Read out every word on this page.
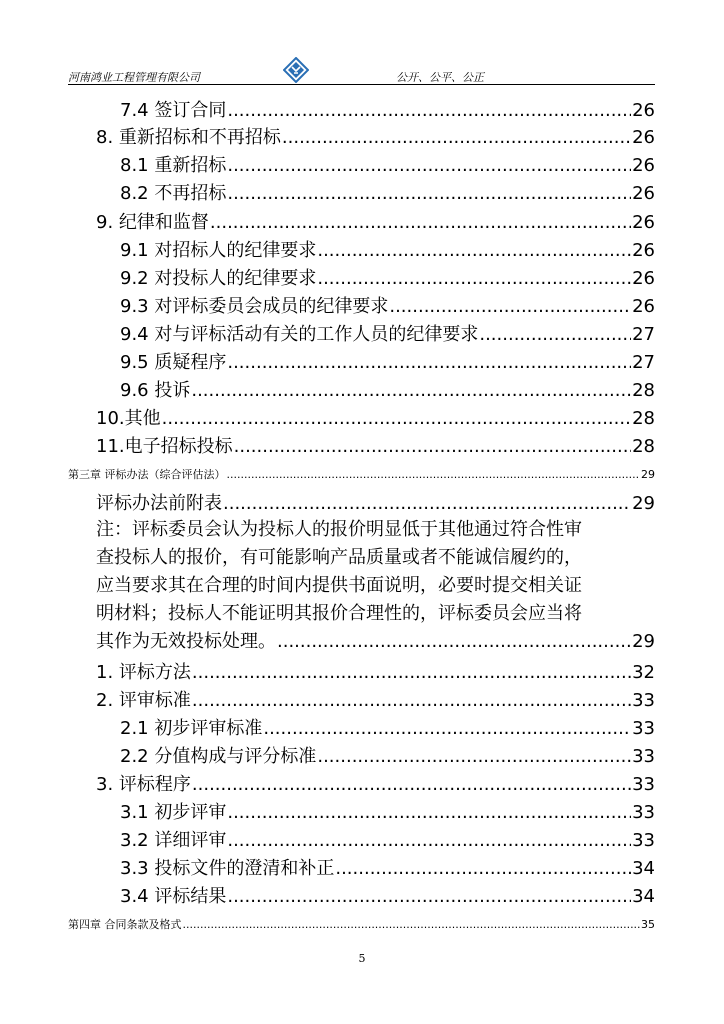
河南鸿业工程管理有限公司	公开、公平、公正
7.4 签订合同 .....	26
8. 重新招标和不再招标 .....	26
8.1 重新招标 .....	26
8.2 不再招标 .....	26
9. 纪律和监督 .....	26
9.1 对招标人的纪律要求 .....	26
9.2 对投标人的纪律要求 .....	26
9.3 对评标委员会成员的纪律要求 .....	26
9.4 对与评标活动有关的工作人员的纪律要求 .....	27
9.5 质疑程序 .....	27
9.6 投诉 .....	28
10.其他 .....	28
11.电子招标投标 .....	28
第三章 评标办法（综合评估法） .....	29
评标办法前附表 .....	29
注：评标委员会认为投标人的报价明显低于其他通过符合性审
查投标人的报价，有可能影响产品质量或者不能诚信履约的，
应当要求其在合理的时间内提供书面说明，必要时提交相关证
明材料；投标人不能证明其报价合理性的，评标委员会应当将
其作为无效投标处理。 .....	29
1. 评标方法 .....	32
2. 评审标准 .....	33
2.1 初步评审标准 .....	33
2.2 分值构成与评分标准 .....	33
3. 评标程序 .....	33
3.1 初步评审 .....	33
3.2 详细评审 .....	33
3.3 投标文件的澄清和补正 .....	34
3.4 评标结果 .....	34
第四章 合同条款及格式 .....	35
5
